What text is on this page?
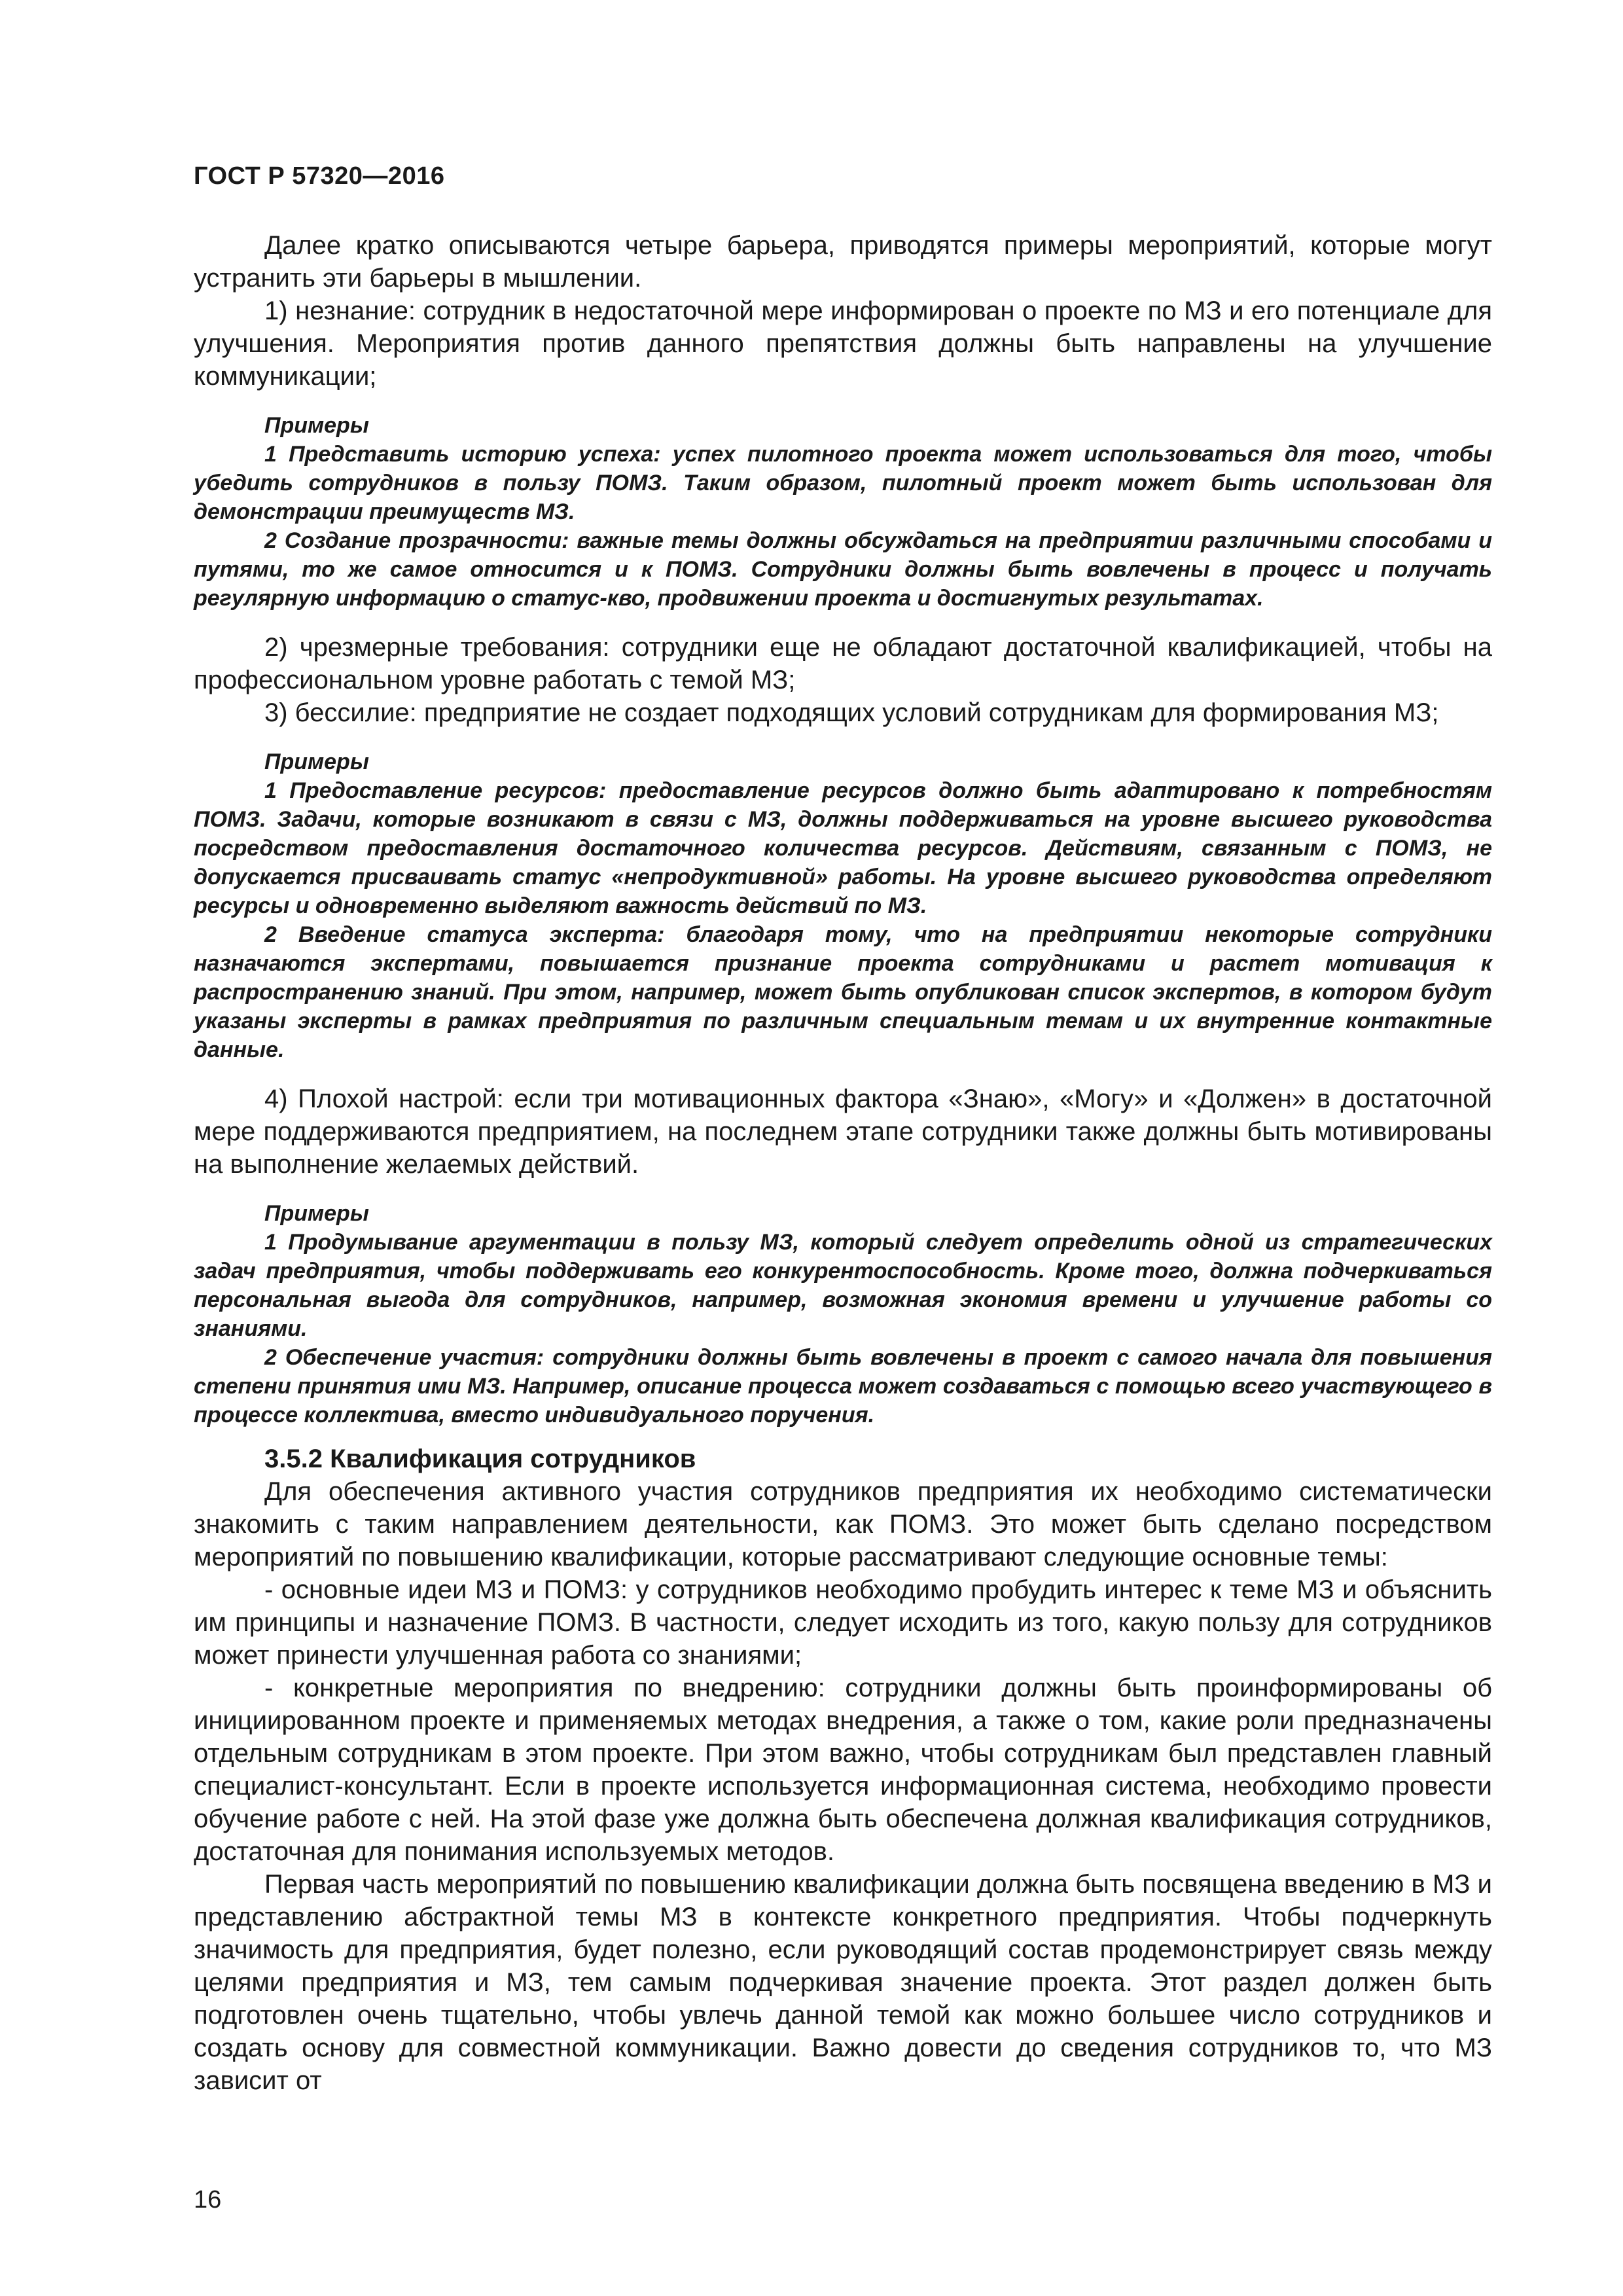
ГОСТ Р 57320—2016

Далее кратко описываются четыре барьера, приводятся примеры мероприятий, которые могут устранить эти барьеры в мышлении.

1) незнание: сотрудник в недостаточной мере информирован о проекте по МЗ и его потенциале для улучшения. Мероприятия против данного препятствия должны быть направлены на улучшение коммуникации;

Примеры

1 Представить историю успеха: успех пилотного проекта может использоваться для того, чтобы убедить сотрудников в пользу ПОМЗ. Таким образом, пилотный проект может быть использован для демонстрации преимуществ МЗ.

2 Создание прозрачности: важные темы должны обсуждаться на предприятии различными способами и путями, то же самое относится и к ПОМЗ. Сотрудники должны быть вовлечены в процесс и получать регулярную информацию о статус-кво, продвижении проекта и достигнутых результатах.

2) чрезмерные требования: сотрудники еще не обладают достаточной квалификацией, чтобы на профессиональном уровне работать с темой МЗ;

3) бессилие: предприятие не создает подходящих условий сотрудникам для формирования МЗ;

Примеры

1 Предоставление ресурсов: предоставление ресурсов должно быть адаптировано к потребностям ПОМЗ. Задачи, которые возникают в связи с МЗ, должны поддерживаться на уровне высшего руководства посредством предоставления достаточного количества ресурсов. Действиям, связанным с ПОМЗ, не допускается присваивать статус «непродуктивной» работы. На уровне высшего руководства определяют ресурсы и одновременно выделяют важность действий по МЗ.

2 Введение статуса эксперта: благодаря тому, что на предприятии некоторые сотрудники назначаются экспертами, повышается признание проекта сотрудниками и растет мотивация к распространению знаний. При этом, например, может быть опубликован список экспертов, в котором будут указаны эксперты в рамках предприятия по различным специальным темам и их внутренние контактные данные.

4) Плохой настрой: если три мотивационных фактора «Знаю», «Могу» и «Должен» в достаточной мере поддерживаются предприятием, на последнем этапе сотрудники также должны быть мотивированы на выполнение желаемых действий.

Примеры

1 Продумывание аргументации в пользу МЗ, который следует определить одной из стратегических задач предприятия, чтобы поддерживать его конкурентоспособность. Кроме того, должна подчеркиваться персональная выгода для сотрудников, например, возможная экономия времени и улучшение работы со знаниями.

2 Обеспечение участия: сотрудники должны быть вовлечены в проект с самого начала для повышения степени принятия ими МЗ. Например, описание процесса может создаваться с помощью всего участвующего в процессе коллектива, вместо индивидуального поручения.

3.5.2 Квалификация сотрудников

Для обеспечения активного участия сотрудников предприятия их необходимо систематически знакомить с таким направлением деятельности, как ПОМЗ. Это может быть сделано посредством мероприятий по повышению квалификации, которые рассматривают следующие основные темы:

- основные идеи МЗ и ПОМЗ: у сотрудников необходимо пробудить интерес к теме МЗ и объяснить им принципы и назначение ПОМЗ. В частности, следует исходить из того, какую пользу для сотрудников может принести улучшенная работа со знаниями;

- конкретные мероприятия по внедрению: сотрудники должны быть проинформированы об инициированном проекте и применяемых методах внедрения, а также о том, какие роли предназначены отдельным сотрудникам в этом проекте. При этом важно, чтобы сотрудникам был представлен главный специалист-консультант. Если в проекте используется информационная система, необходимо провести обучение работе с ней. На этой фазе уже должна быть обеспечена должная квалификация сотрудников, достаточная для понимания используемых методов.

Первая часть мероприятий по повышению квалификации должна быть посвящена введению в МЗ и представлению абстрактной темы МЗ в контексте конкретного предприятия. Чтобы подчеркнуть значимость для предприятия, будет полезно, если руководящий состав продемонстрирует связь между целями предприятия и МЗ, тем самым подчеркивая значение проекта. Этот раздел должен быть подготовлен очень тщательно, чтобы увлечь данной темой как можно большее число сотрудников и создать основу для совместной коммуникации. Важно довести до сведения сотрудников то, что МЗ зависит от

16
